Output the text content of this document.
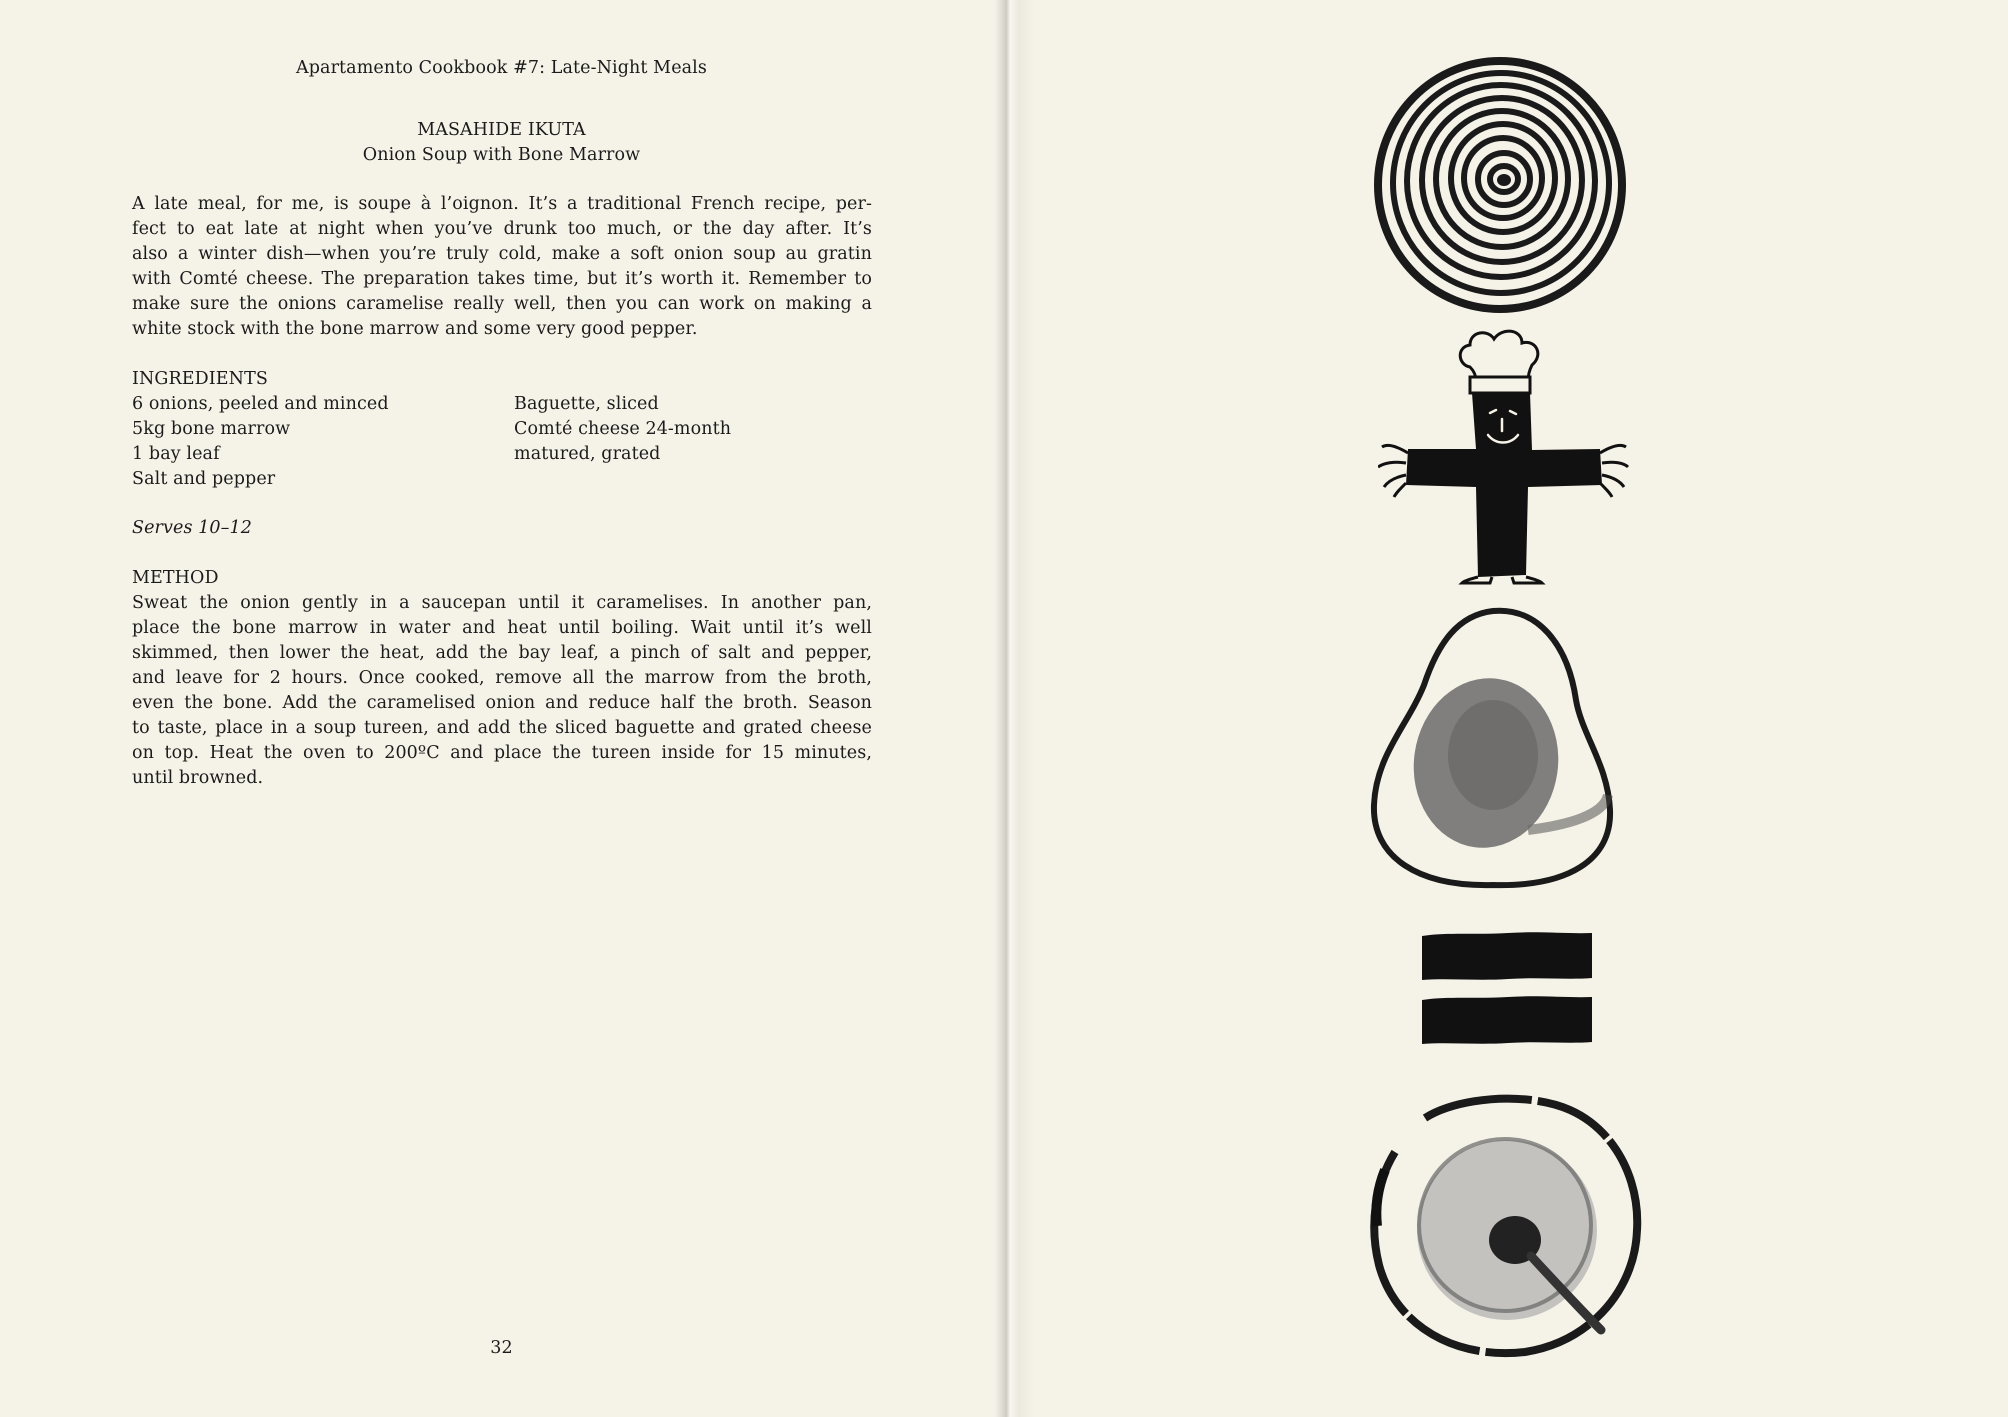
Apartamento Cookbook #7: Late-Night Meals
MASAHIDE IKUTA
Onion Soup with Bone Marrow
A late meal, for me, is soupe à l’oignon. It’s a traditional French recipe, per-
fect to eat late at night when you’ve drunk too much, or the day after. It’s
also a winter dish—when you’re truly cold, make a soft onion soup au gratin
with Comté cheese. The preparation takes time, but it’s worth it. Remember to
make sure the onions caramelise really well, then you can work on making a
white stock with the bone marrow and some very good pepper.
INGREDIENTS
6 onions, peeled and minced
5kg bone marrow
1 bay leaf
Salt and pepper
Baguette, sliced
Comté cheese 24-month
matured, grated
Serves 10–12
METHOD
Sweat the onion gently in a saucepan until it caramelises. In another pan,
place the bone marrow in water and heat until boiling. Wait until it’s well
skimmed, then lower the heat, add the bay leaf, a pinch of salt and pepper,
and leave for 2 hours. Once cooked, remove all the marrow from the broth,
even the bone. Add the caramelised onion and reduce half the broth. Season
to taste, place in a soup tureen, and add the sliced baguette and grated cheese
on top. Heat the oven to 200ºC and place the tureen inside for 15 minutes,
until browned.
32
